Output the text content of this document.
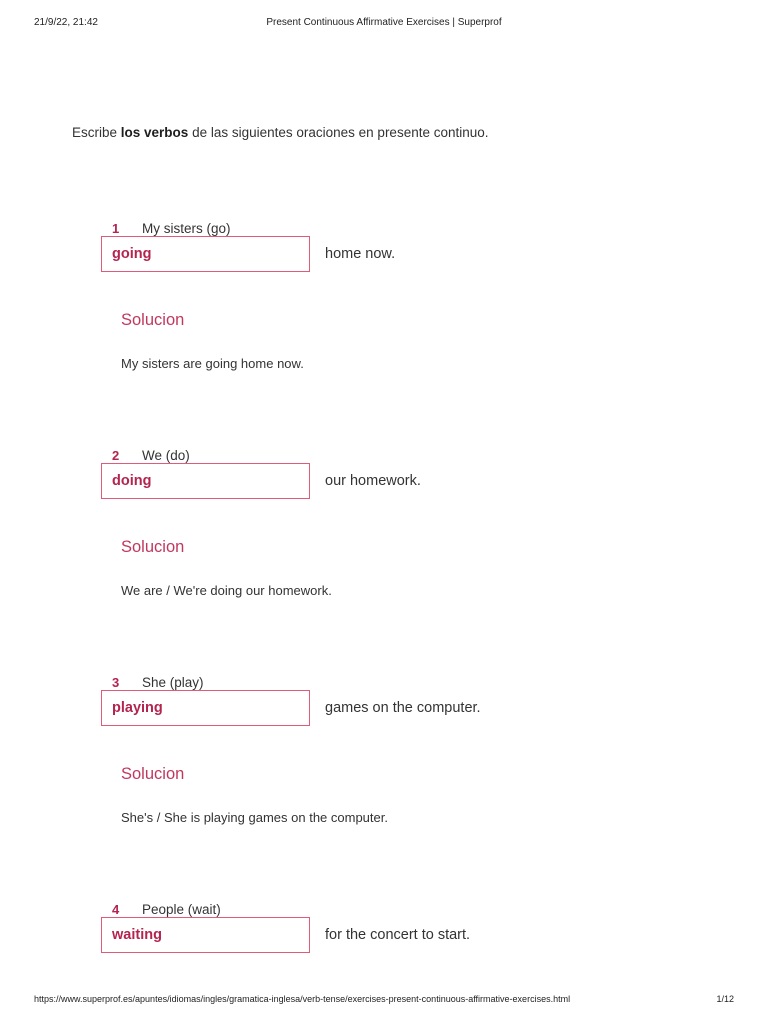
21/9/22, 21:42	Present Continuous Affirmative Exercises | Superprof
Escribe los verbos de las siguientes oraciones en presente continuo.
1 My sisters (go)
going	home now.
Solucion
My sisters are going home now.
2 We (do)
doing	our homework.
Solucion
We are / We're doing our homework.
3 She (play)
playing	games on the computer.
Solucion
She's / She is playing games on the computer.
4 People (wait)
waiting	for the concert to start.
https://www.superprof.es/apuntes/idiomas/ingles/gramatica-inglesa/verb-tense/exercises-present-continuous-affirmative-exercises.html	1/12
